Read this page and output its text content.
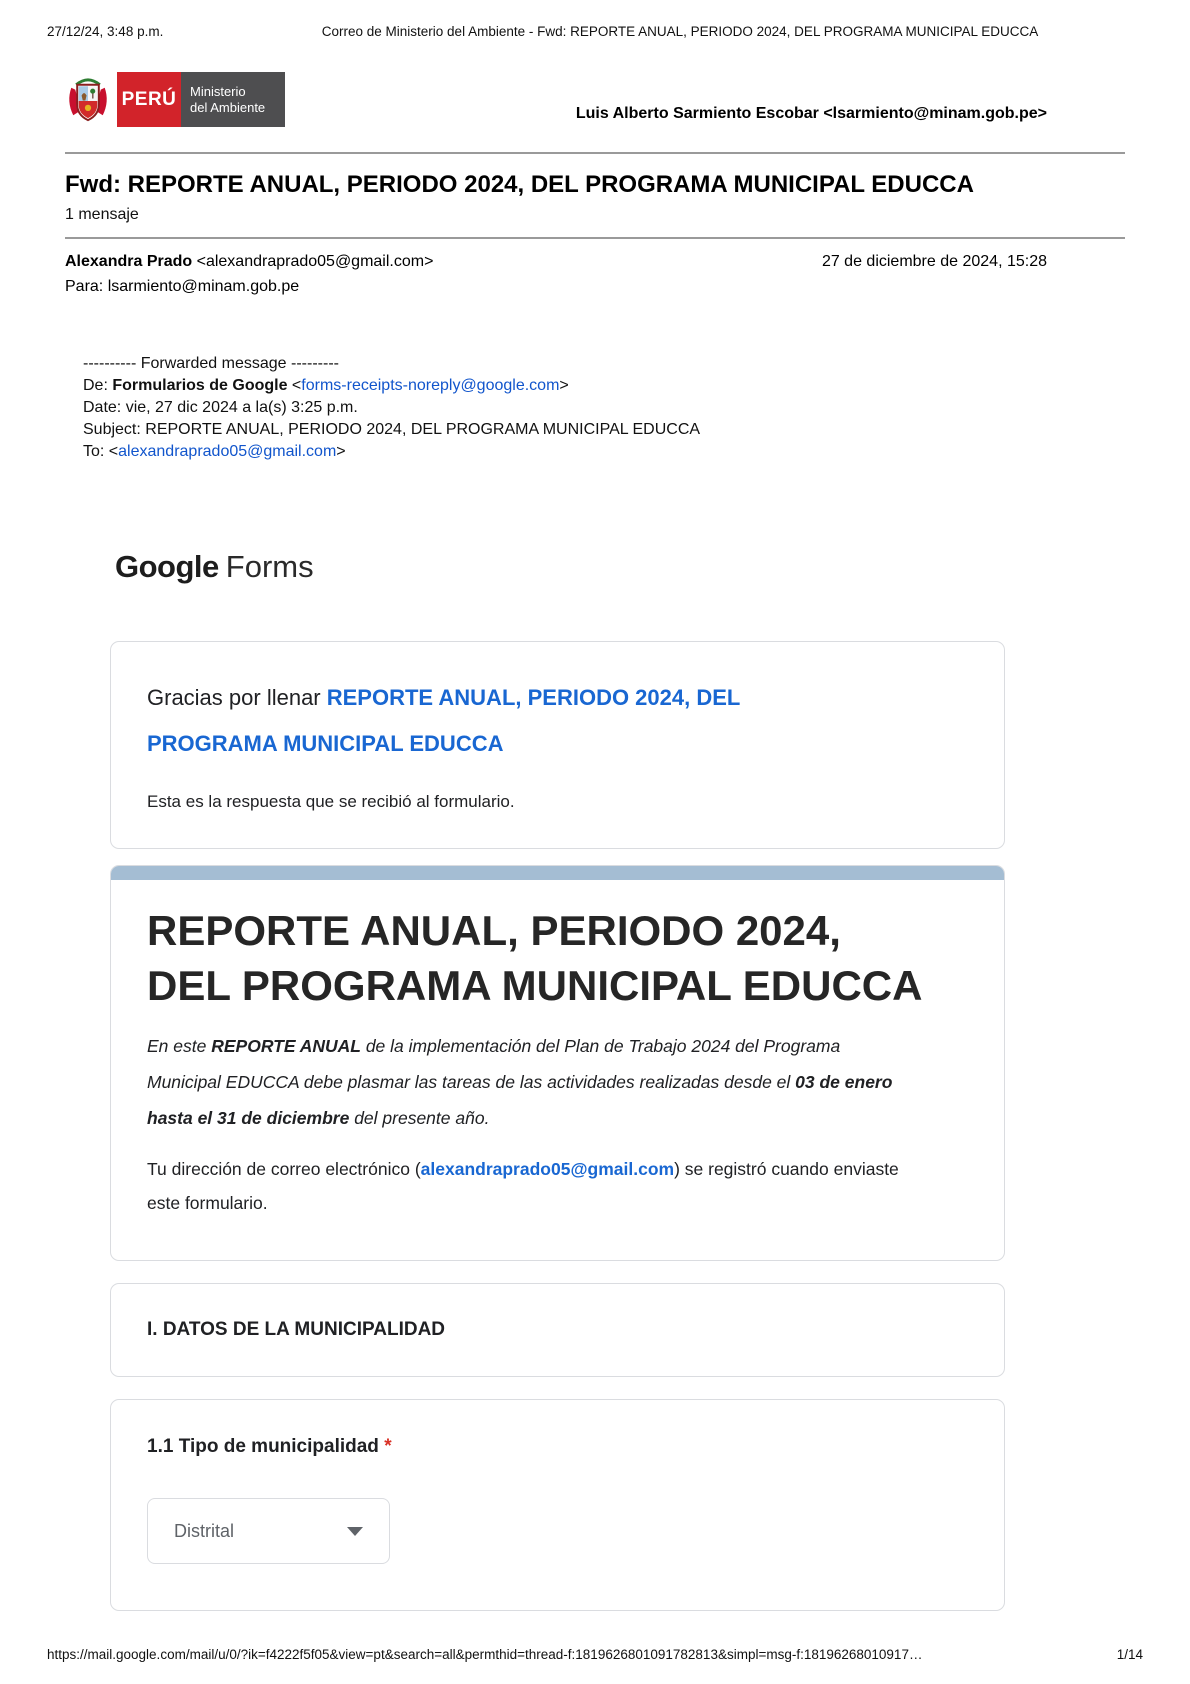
27/12/24, 3:48 p.m.	Correo de Ministerio del Ambiente - Fwd: REPORTE ANUAL, PERIODO 2024, DEL PROGRAMA MUNICIPAL EDUCCA
PERÚ	Ministerio
del Ambiente	Luis Alberto Sarmiento Escobar <lsarmiento@minam.gob.pe>
Fwd: REPORTE ANUAL, PERIODO 2024, DEL PROGRAMA MUNICIPAL EDUCCA
1 mensaje
Alexandra Prado <alexandraprado05@gmail.com>	27 de diciembre de 2024, 15:28
Para: lsarmiento@minam.gob.pe
---------- Forwarded message ---------
De: Formularios de Google <forms-receipts-noreply@google.com>
Date: vie, 27 dic 2024 a la(s) 3:25 p.m.
Subject: REPORTE ANUAL, PERIODO 2024, DEL PROGRAMA MUNICIPAL EDUCCA
To: <alexandraprado05@gmail.com>
Google Forms
Gracias por llenar REPORTE ANUAL, PERIODO 2024, DEL PROGRAMA MUNICIPAL EDUCCA
Esta es la respuesta que se recibió al formulario.
REPORTE ANUAL, PERIODO 2024, DEL PROGRAMA MUNICIPAL EDUCCA

En este REPORTE ANUAL de la implementación del Plan de Trabajo 2024 del Programa Municipal EDUCCA debe plasmar las tareas de las actividades realizadas desde el 03 de enero hasta el 31 de diciembre del presente año.

Tu dirección de correo electrónico (alexandraprado05@gmail.com) se registró cuando enviaste este formulario.

I. DATOS DE LA MUNICIPALIDAD
1.1 Tipo de municipalidad *
Distrital
https://mail.google.com/mail/u/0/?ik=f4222f5f05&view=pt&search=all&permthid=thread-f:1819626801091782813&simpl=msg-f:18196268010917…	1/14
